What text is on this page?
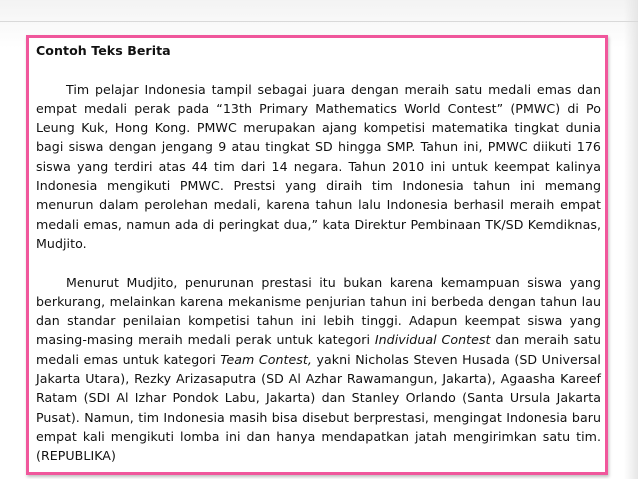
Contoh Teks Berita

Tim pelajar Indonesia tampil sebagai juara dengan meraih satu medali emas dan empat medali perak pada “13th Primary Mathematics World Contest” (PMWC) di Po Leung Kuk, Hong Kong. PMWC merupakan ajang kompetisi matematika tingkat dunia bagi siswa dengan jengang 9 atau tingkat SD hingga SMP. Tahun ini, PMWC diikuti 176 siswa yang terdiri atas 44 tim dari 14 negara. Tahun 2010 ini untuk keempat kalinya Indonesia mengikuti PMWC. Prestsi yang diraih tim Indonesia tahun ini memang menurun dalam perolehan medali, karena tahun lalu Indonesia berhasil meraih empat medali emas, namun ada di peringkat dua,” kata Direktur Pembinaan TK/SD Kemdiknas, Mudjito.

Menurut Mudjito, penurunan prestasi itu bukan karena kemampuan siswa yang berkurang, melainkan karena mekanisme penjurian tahun ini berbeda dengan tahun lau dan standar penilaian kompetisi tahun ini lebih tinggi. Adapun keempat siswa yang masing-masing meraih medali perak untuk kategori Individual Contest dan meraih satu medali emas untuk kategori Team Contest, yakni Nicholas Steven Husada (SD Universal Jakarta Utara), Rezky Arizasaputra (SD Al Azhar Rawamangun, Jakarta), Agaasha Kareef Ratam (SDI Al Izhar Pondok Labu, Jakarta) dan Stanley Orlando (Santa Ursula Jakarta Pusat). Namun, tim Indonesia masih bisa disebut berprestasi, mengingat Indonesia baru empat kali mengikuti lomba ini dan hanya mendapatkan jatah mengirimkan satu tim. (REPUBLIKA)
